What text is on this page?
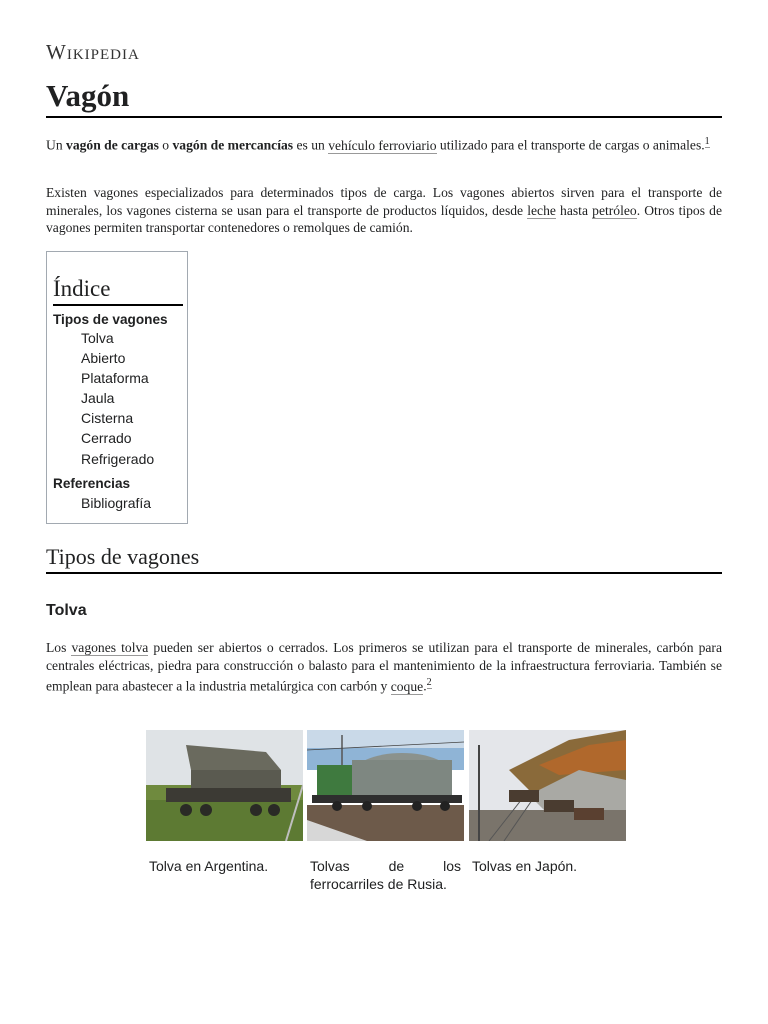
Wikipedia
Vagón

Un vagón de cargas o vagón de mercancías es un vehículo ferroviario utilizado para el transporte de cargas o animales.$^1$

Existen vagones especializados para determinados tipos de carga. Los vagones abiertos sirven para el transporte de minerales, los vagones cisterna se usan para el transporte de productos líquidos, desde leche hasta petróleo. Otros tipos de vagones permiten transportar contenedores o remolques de camión.

Índice
Tipos de vagones
Tolva
Abierto
Plataforma
Jaula
Cisterna
Cerrado
Refrigerado
Referencias
Bibliografía
Tipos de vagones
Tolva

Los vagones tolva pueden ser abiertos o cerrados. Los primeros se utilizan para el transporte de minerales, carbón para centrales eléctricas, piedra para construcción o balasto para el mantenimiento de la infraestructura ferroviaria. También se emplean para abastecer a la industria metalúrgica con carbón y coque.$^2$

Tolva en Argentina.	Tolvas de los ferrocarriles de Rusia.
Tolvas en Japón.
